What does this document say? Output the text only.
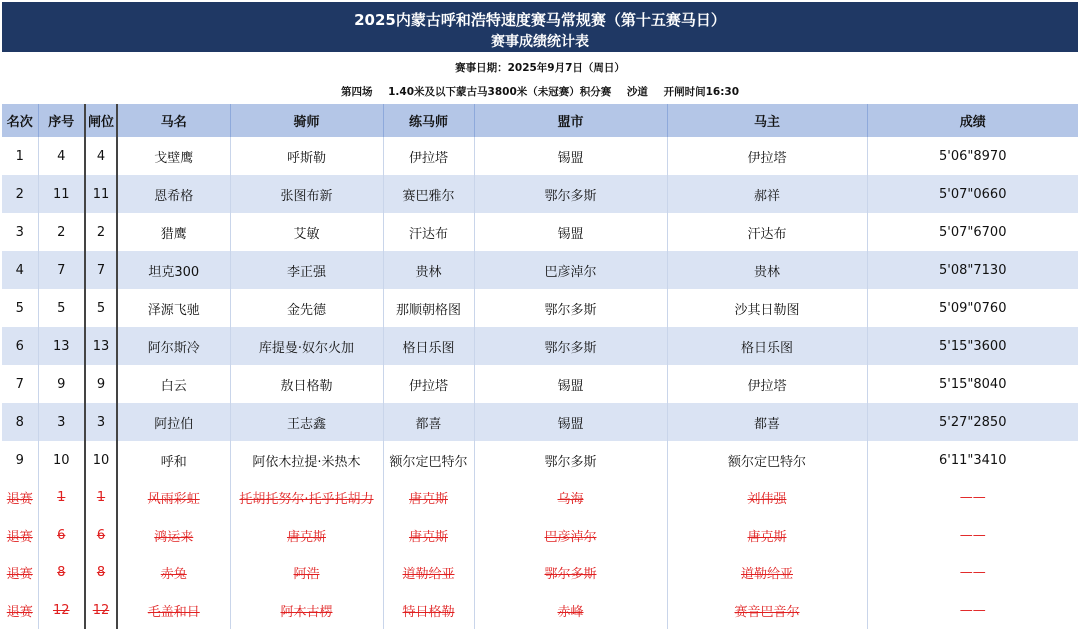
2025内蒙古呼和浩特速度赛马常规赛（第十五赛马日）
赛事成绩统计表
赛事日期：2025年9月7日（周日）
第四场 1.40米及以下蒙古马3800米（未冠赛）积分赛 沙道 开闸时间16:30
名次	序号	闸位	马名	骑师	练马师	盟市	马主	成绩
1	4	4	戈壁鹰	呼斯勒	伊拉塔	锡盟	伊拉塔	5'06"8970
2	11	11	恩希格	张图布新	赛巴雅尔	鄂尔多斯	郝祥	5'07"0660
3	2	2	猎鹰	艾敏	汗达布	锡盟	汗达布	5'07"6700
4	7	7	坦克300	李正强	贵林	巴彦淖尔	贵林	5'08"7130
5	5	5	泽源飞驰	金先德	那顺朝格图	鄂尔多斯	沙其日勒图	5'09"0760
6	13	13	阿尔斯冷	库提曼·奴尔火加	格日乐图	鄂尔多斯	格日乐图	5'15"3600
7	9	9	白云	敖日格勒	伊拉塔	锡盟	伊拉塔	5'15"8040
8	3	3	阿拉伯	王志鑫	都喜	锡盟	都喜	5'27"2850
9	10	10	呼和	阿依木拉提·米热木	额尔定巴特尔	鄂尔多斯	额尔定巴特尔	6'11"3410
退赛	1	1	风雨彩虹	托胡托努尔·托乎托胡力	唐克斯	乌海	刘伟强	——
退赛	6	6	鸿运来	唐克斯	唐克斯	巴彦淖尔	唐克斯	——
退赛	8	8	赤兔	阿浩	道勒给亚	鄂尔多斯	道勒给亚	——
退赛	12	12	毛盖和日	阿木古楞	特日格勒	赤峰	赛音巴音尔	——
